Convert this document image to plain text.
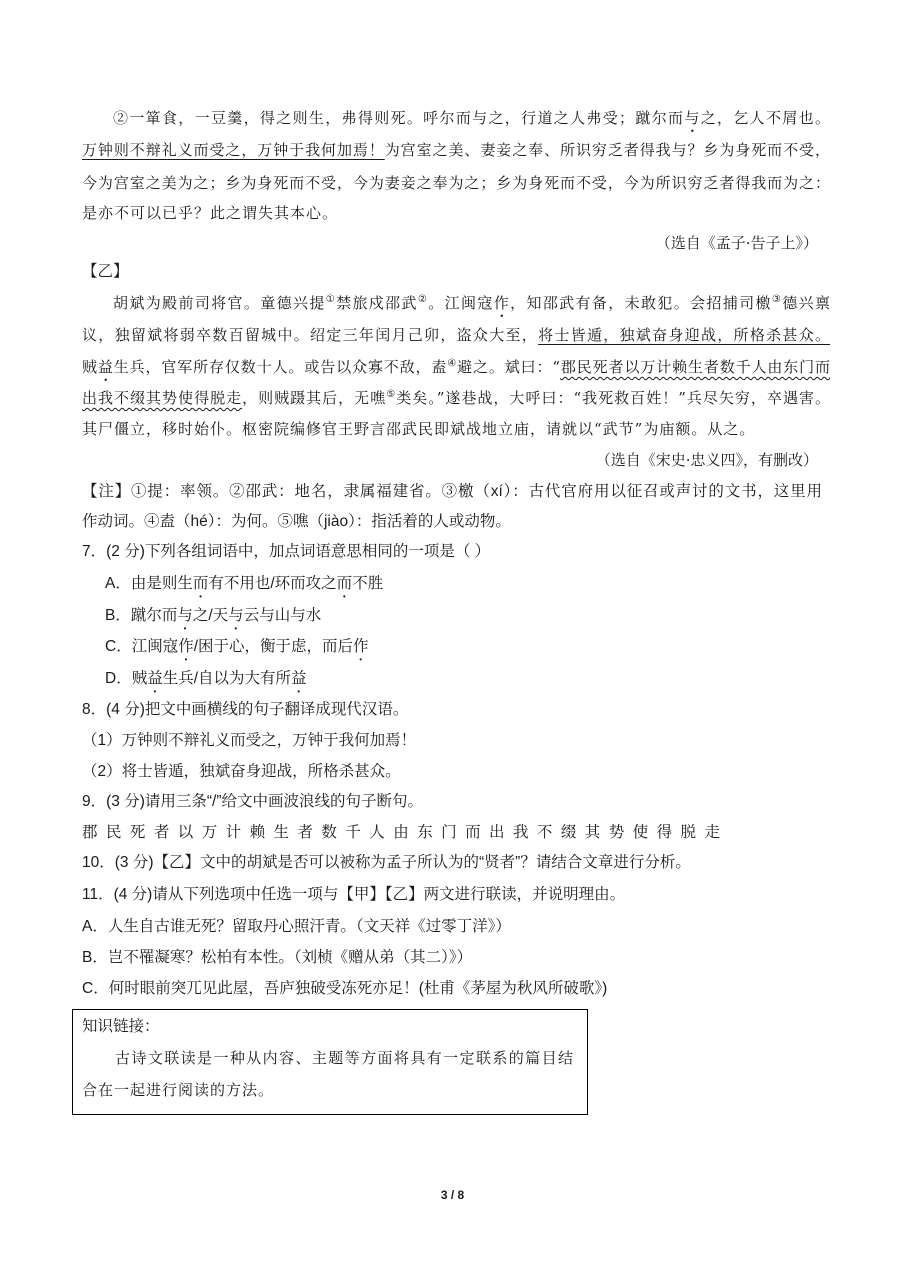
②一箪食，一豆羹，得之则生，弗得则死。呼尔而与之，行道之人弗受；蹴尔而与之，乞人不屑也。
万钟则不辩礼义而受之，万钟于我何加焉！为宫室之美、妻妾之奉、所识穷乏者得我与？乡为身死而不受，
今为宫室之美为之；乡为身死而不受，今为妻妾之奉为之；乡为身死而不受，今为所识穷乏者得我而为之：
是亦不可以已乎？此之谓失其本心。
（选自《孟子·告子上》）
【乙】
胡斌为殿前司将官。童德兴提①禁旅戍邵武②。江闽寇作，知邵武有备，未敢犯。会招捕司檄③德兴禀
议，独留斌将弱卒数百留城中。绍定三年闰月己卯，盗众大至，将士皆遁，独斌奋身迎战，所格杀甚众。
贼益生兵，官军所存仅数十人。或告以众寡不敌，盍④避之。斌曰：“郡民死者以万计赖生者数千人由东门而
出我不缀其势使得脱走，则贼蹑其后，无噍⑤类矣。”遂巷战，大呼曰：“我死救百姓！”兵尽矢穷，卒遇害。
其尸僵立，移时始仆。枢密院编修官王野言邵武民即斌战地立庙，请就以“武节”为庙额。从之。
（选自《宋史·忠义四》，有删改）
【注】①提：率领。②邵武：地名，隶属福建省。③檄（xí）：古代官府用以征召或声讨的文书，这里用
作动词。④盍（hé）：为何。⑤噍（jiào）：指活着的人或动物。
7．(2 分)下列各组词语中，加点词语意思相同的一项是（ ）
A．由是则生而有不用也/环而攻之而不胜
B．蹴尔而与之/天与云与山与水
C．江闽寇作/困于心，衡于虑，而后作
D．贼益生兵/自以为大有所益
8．(4 分)把文中画横线的句子翻译成现代汉语。
（1）万钟则不辩礼义而受之，万钟于我何加焉！
（2）将士皆遁，独斌奋身迎战，所格杀甚众。
9．(3 分)请用三条“/”给文中画波浪线的句子断句。
郡 民 死 者 以 万 计 赖 生 者 数 千 人 由 东 门 而 出 我 不 缀 其 势 使 得 脱 走
10．(3 分)【乙】文中的胡斌是否可以被称为孟子所认为的“贤者”？请结合文章进行分析。
11．(4 分)请从下列选项中任选一项与【甲】【乙】两文进行联读，并说明理由。
A．人生自古谁无死？留取丹心照汗青。（文天祥《过零丁洋》）
B．岂不罹凝寒？松柏有本性。（刘桢《赠从弟（其二）》）
C．何时眼前突兀见此屋，吾庐独破受冻死亦足！(杜甫《茅屋为秋风所破歌》)
知识链接：
古诗文联读是一种从内容、主题等方面将具有一定联系的篇目结
合在一起进行阅读的方法。
3 / 8
